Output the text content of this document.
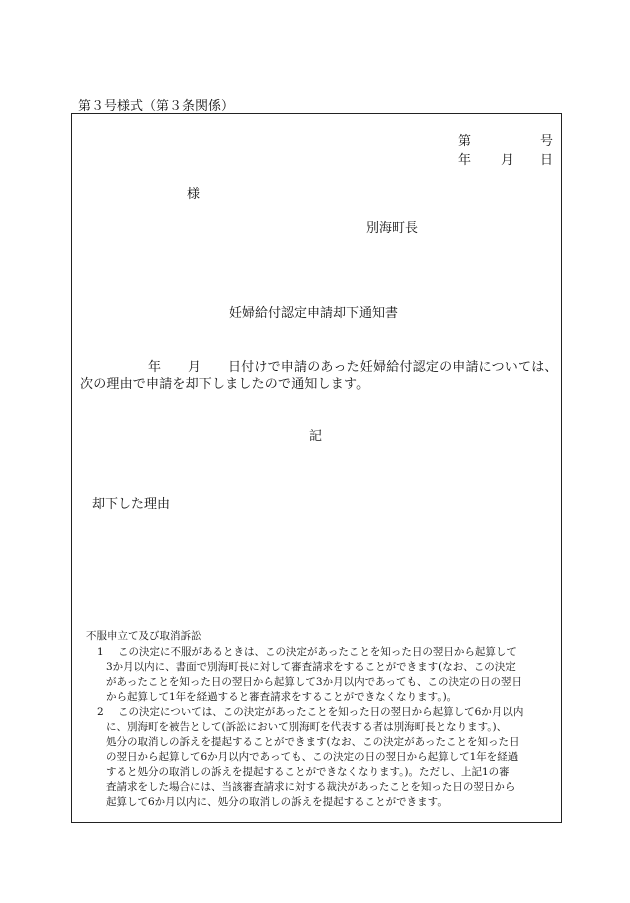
第３号様式（第３条関係）
第	号
年 月 日
様
別海町長
妊婦給付認定申請却下通知書
年 月 日付けで申請のあった妊婦給付認定の申請については、
次の理由で申請を却下しましたので通知します。
記
却下した理由
不服申立て及び取消訴訟
1 この決定に不服があるときは、この決定があったことを知った日の翌日から起算して
3か月以内に、書面で別海町長に対して審査請求をすることができます(なお、この決定
があったことを知った日の翌日から起算して3か月以内であっても、この決定の日の翌日
から起算して1年を経過すると審査請求をすることができなくなります。)。
2 この決定については、この決定があったことを知った日の翌日から起算して6か月以内
に、別海町を被告として(訴訟において別海町を代表する者は別海町長となります。)、
処分の取消しの訴えを提起することができます(なお、この決定があったことを知った日
の翌日から起算して6か月以内であっても、この決定の日の翌日から起算して1年を経過
すると処分の取消しの訴えを提起することができなくなります。)。ただし、上記1の審
査請求をした場合には、当該審査請求に対する裁決があったことを知った日の翌日から
起算して6か月以内に、処分の取消しの訴えを提起することができます。
